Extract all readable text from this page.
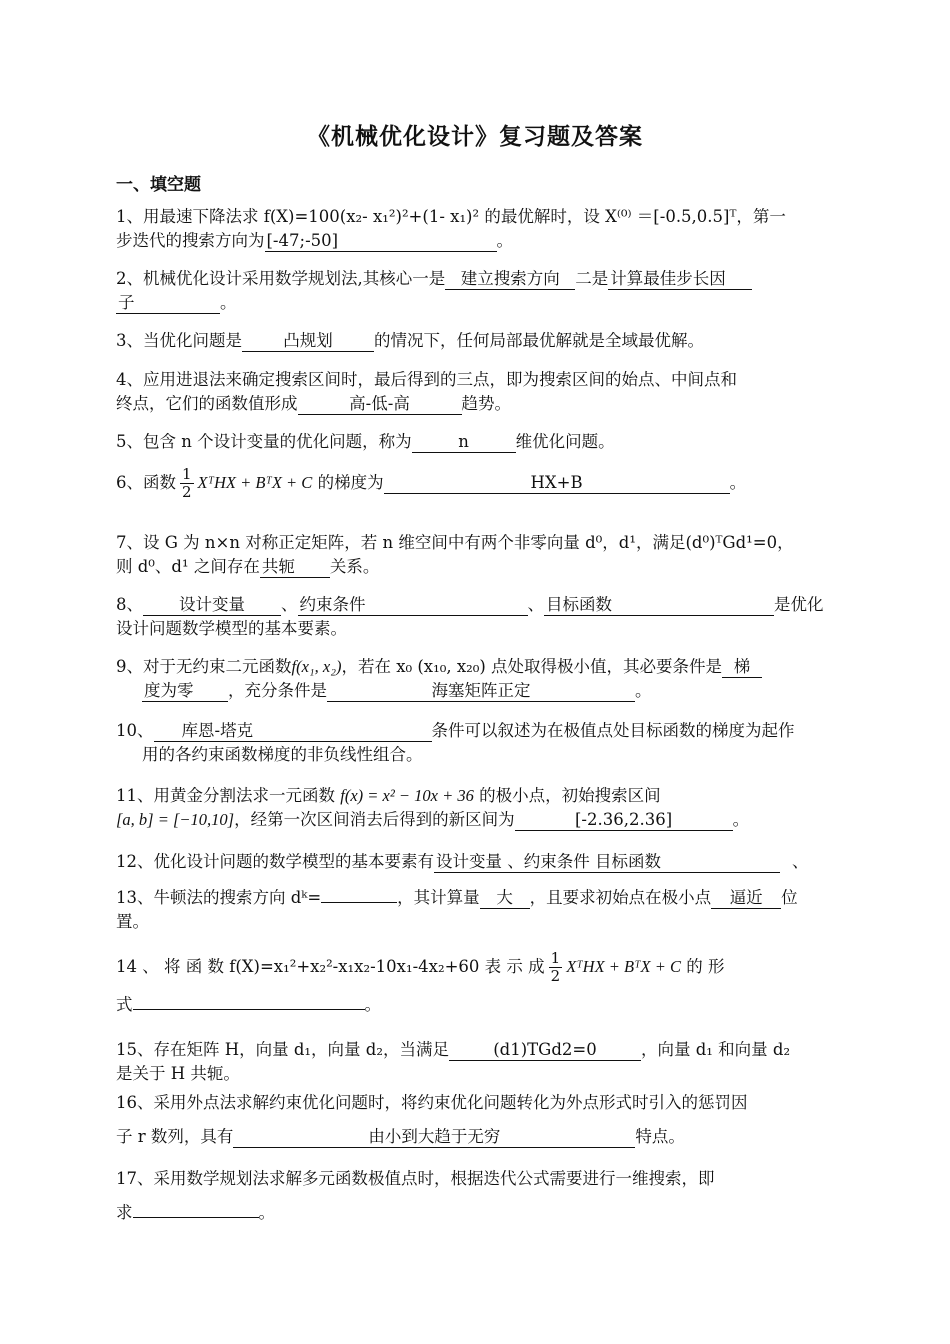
《机械优化设计》复习题及答案
一、填空题
1、用最速下降法求 f(X)=100(x₂- x₁²)²+(1- x₁)² 的最优解时，设 X⁽⁰⁾ ＝[-0.5,0.5]ᵀ，第一
步迭代的搜索方向为 [-47;-50]	。
2、机械优化设计采用数学规划法,其核心一是 建立搜索方向 二是 计算最佳步长因
子	。
3、当优化问题是	凸规划	的情况下，任何局部最优解就是全域最优解。
4、应用进退法来确定搜索区间时，最后得到的三点，即为搜索区间的始点、中间点和
终点，它们的函数值形成	高-低-高	趋势。
5、包含 n 个设计变量的优化问题，称为	n	维优化问题。
6、函数 $\frac{1}{2}$ XᵀHX + BᵀX + C 的梯度为	HX+B	。
7、设 G 为 n×n 对称正定矩阵，若 n 维空间中有两个非零向量 d⁰，d¹，满足(d⁰)ᵀGd¹=0，
则 d⁰、d¹ 之间存在 共轭 关系。
8、 设计变量 、 约束条件	、 目标函数	是优化
设计问题数学模型的基本要素。
9、对于无约束二元函数f(x₁, x₂)，若在 x₀ (x₁₀, x₂₀) 点处取得极小值，其必要条件是 梯
度为零 ，充分条件是	海塞矩阵正定	。
10、 库恩-塔克	条件可以叙述为在极值点处目标函数的梯度为起作
用的各约束函数梯度的非负线性组合。
11、用黄金分割法求一元函数 f(x) = x² − 10x + 36 的极小点，初始搜索区间
[a, b] = [−10,10]，经第一次区间消去后得到的新区间为	[-2.36,2.36]	。
12、优化设计问题的数学模型的基本要素有 设计变量 、约束条件 目标函数	、
13、牛顿法的搜索方向 dᵏ=	，其计算量 大 ，且要求初始点在极小点 逼近 位
置。
14 、 将 函 数 f(X)=x₁²+x₂²-x₁x₂-10x₁-4x₂+60 表 示 成 $\frac{1}{2}$ XᵀHX + BᵀX + C 的 形
式	。
15、存在矩阵 H，向量 d₁，向量 d₂，当满足	(d1)TGd2=0	，向量 d₁ 和向量 d₂
是关于 H 共轭。
16、采用外点法求解约束优化问题时，将约束优化问题转化为外点形式时引入的惩罚因
子 r 数列，具有	由小到大趋于无穷	特点。
17、采用数学规划法求解多元函数极值点时，根据迭代公式需要进行一维搜索，即
求	。
